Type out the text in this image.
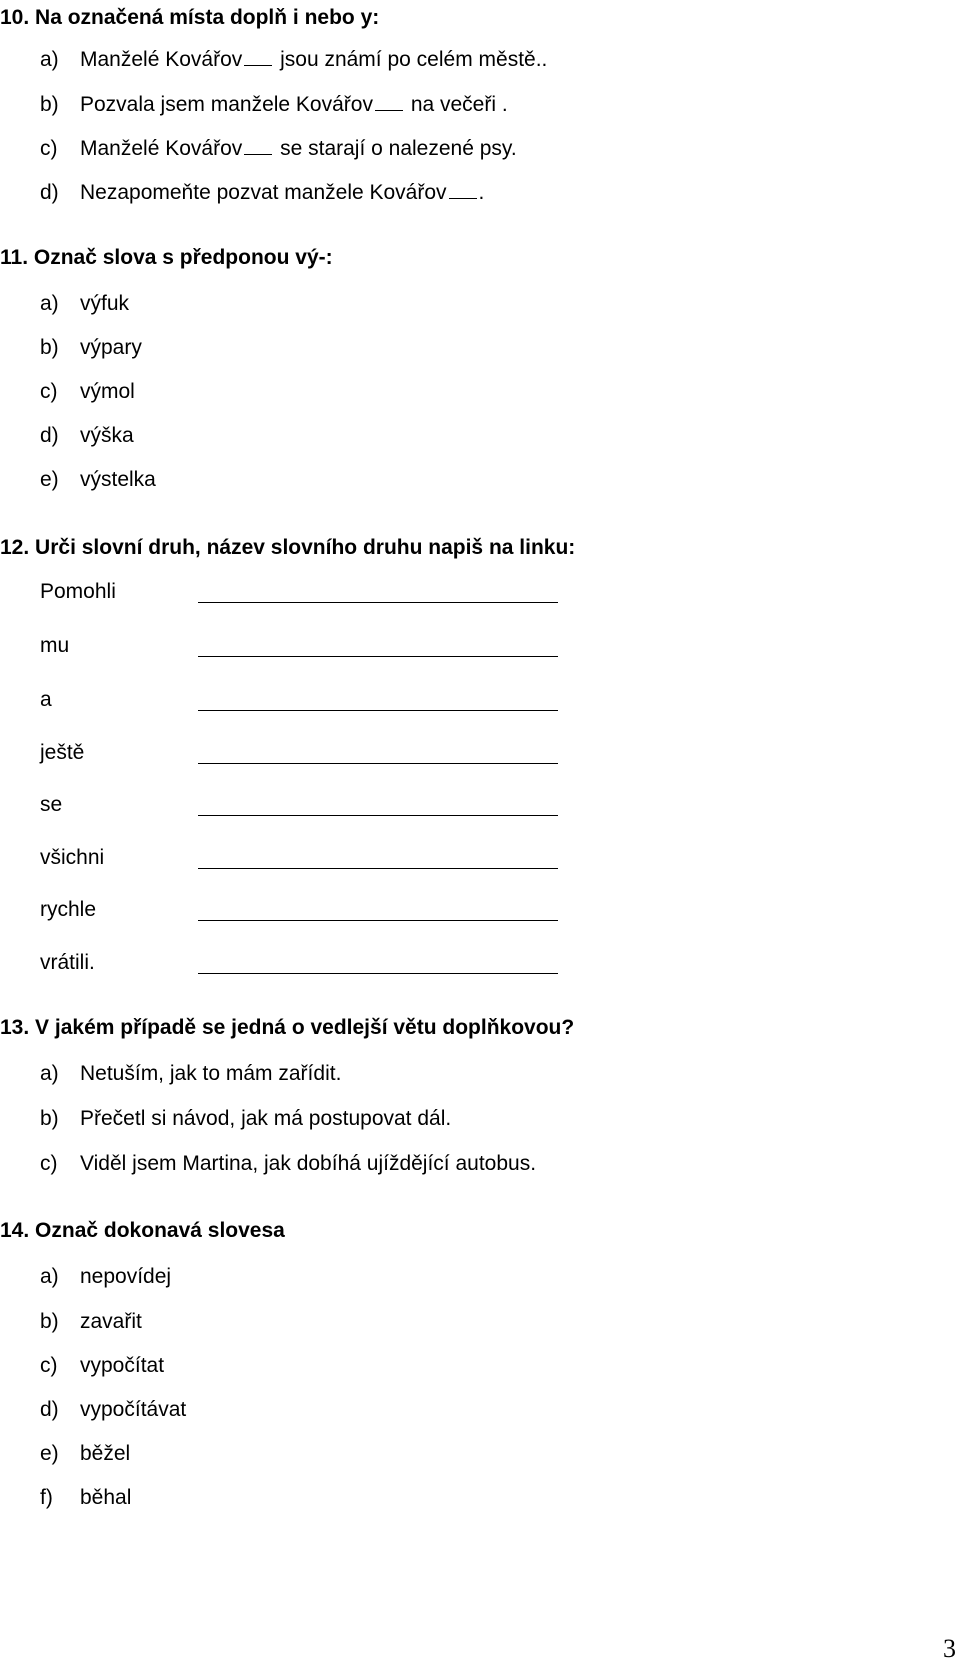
10. Na označená místa doplň i nebo y:
a) Manželé Kovářov jsou známí po celém městě..
b) Pozvala jsem manžele Kovářov na večeři .
c) Manželé Kovářov se starají o nalezené psy.
d) Nezapomeňte pozvat manžele Kovářov .
11. Označ slova s předponou vý-:
a) výfuk
b) výpary
c) výmol
d) výška
e) výstelka
12. Urči slovní druh, název slovního druhu napiš na linku:
Pomohli
mu
a
ještě
se
všichni
rychle
vrátili.
13. V jakém případě se jedná o vedlejší větu doplňkovou?
a) Netuším, jak to mám zařídit.
b) Přečetl si návod, jak má postupovat dál.
c) Viděl jsem Martina, jak dobíhá ujíždějící autobus.
14. Označ dokonavá slovesa
a) nepovídej
b) zavařit
c) vypočítat
d) vypočítávat
e) běžel
f) běhal
3
